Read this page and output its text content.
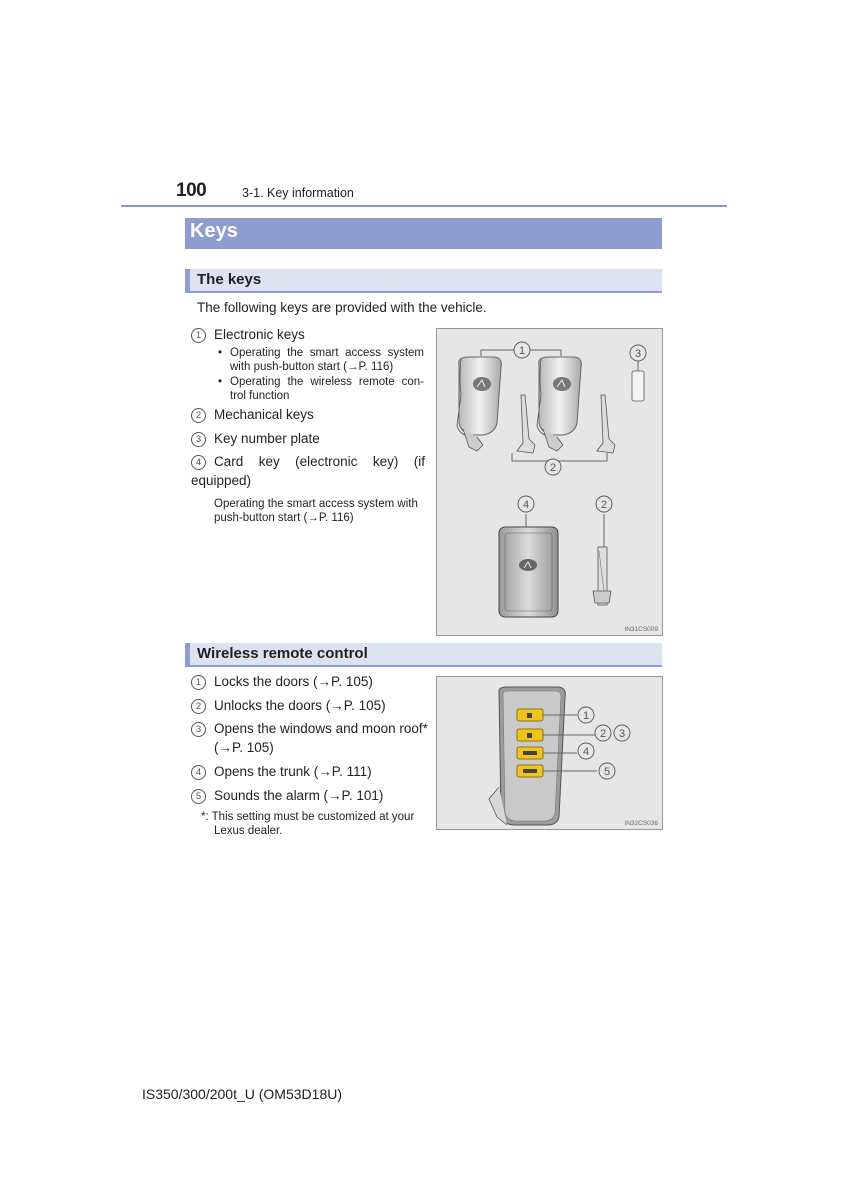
100	3-1. Key information
Keys
The keys
The following keys are provided with the vehicle.
1 Electronic keys
• Operating the smart access system with push-button start (→P. 116)
• Operating the wireless remote con-trol function
2 Mechanical keys
3 Key number plate
4 Card key (electronic key) (if equipped)
Operating the smart access system with push-button start (→P. 116)
1	3
2
4	2
IN31CS009
Wireless remote control
1 Locks the doors (→P. 105)
2 Unlocks the doors (→P. 105)
3 Opens the windows and moon roof*
(→P. 105)
4 Opens the trunk (→P. 111)
5 Sounds the alarm (→P. 101)
*: This setting must be customized at your Lexus dealer.
1
2 3
4
5
IN32CS036
IS350/300/200t_U (OM53D18U)
